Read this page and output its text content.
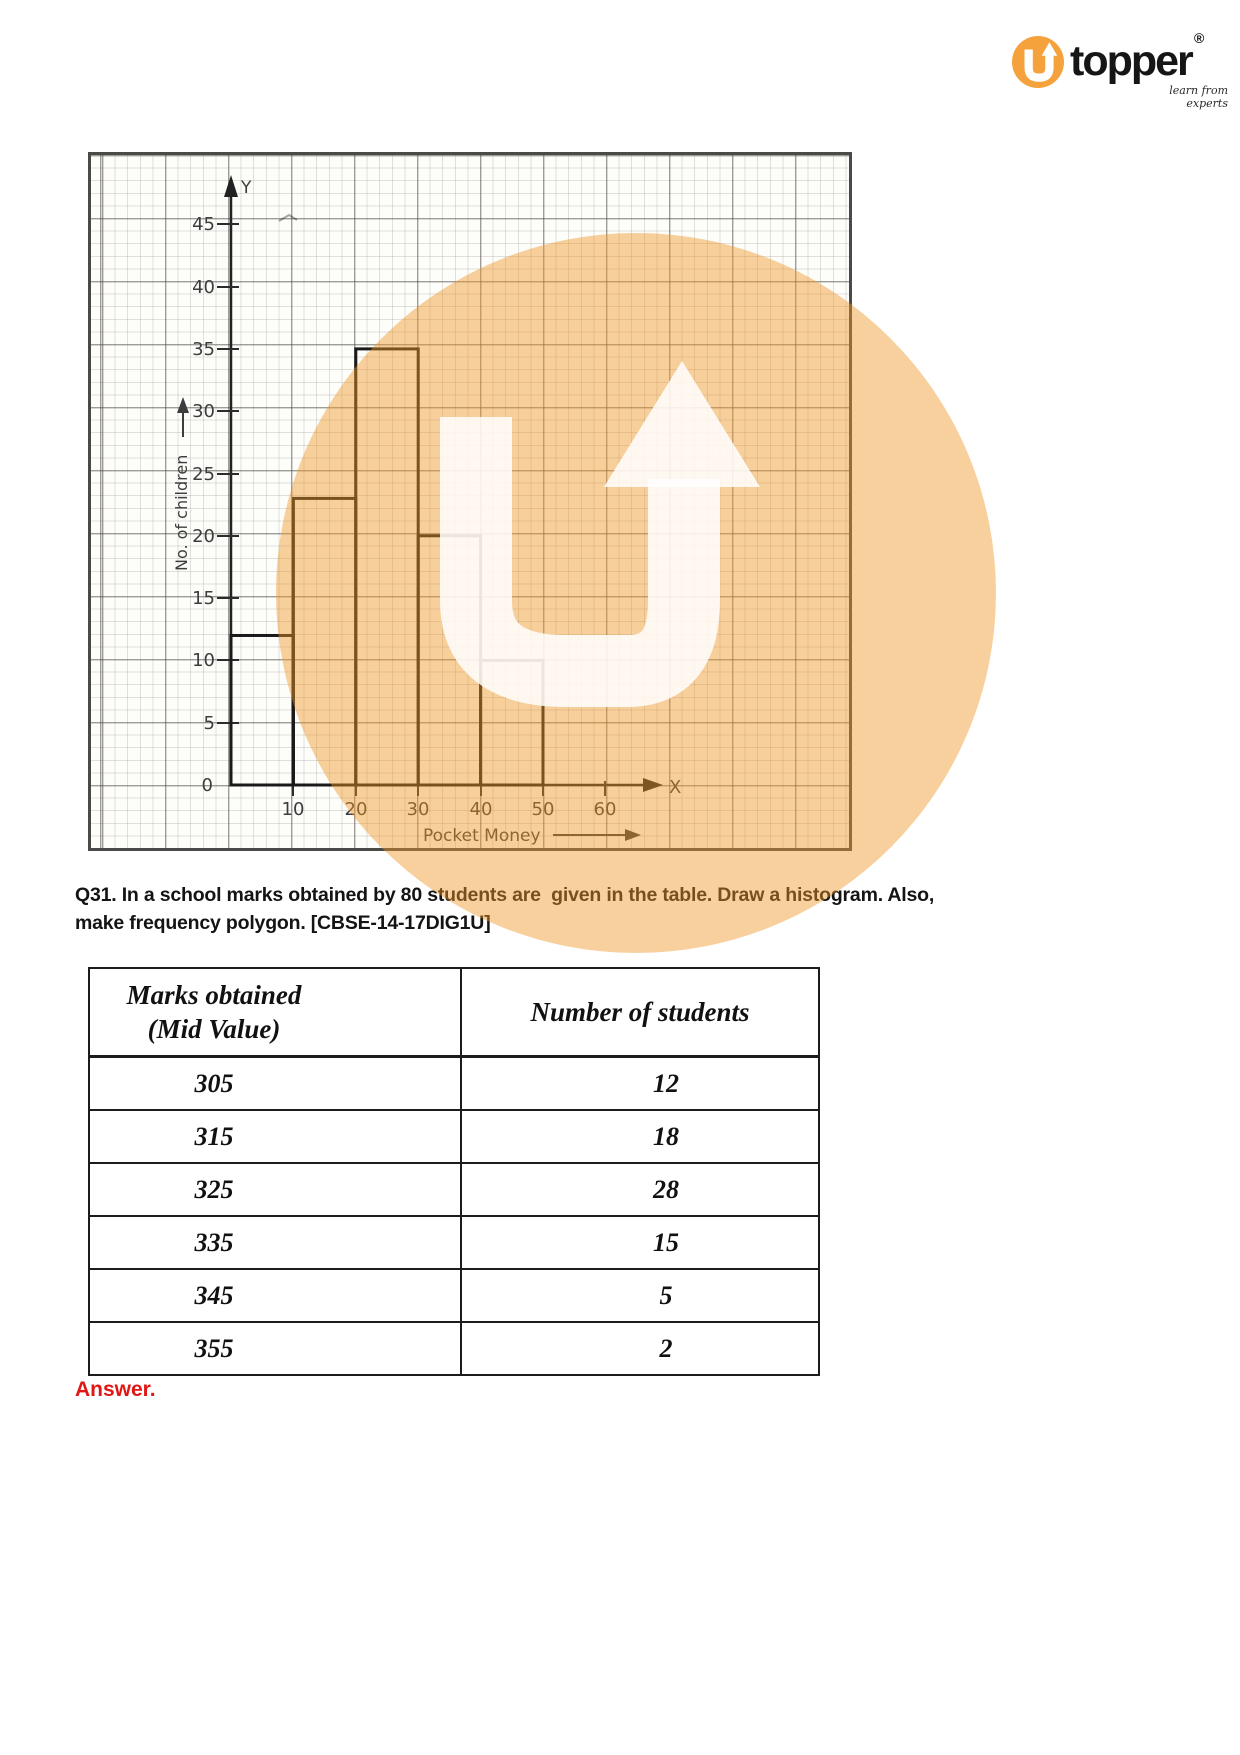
topper ®
learn from experts
Y
X
45
40
35
30
25
20
15
10
5
0
10 20 30 40 50 60
No. of children
Pocket Money
Q31. In a school marks obtained by 80 students are  given in the table. Draw a histogram. Also,
make frequency polygon. [CBSE-14-17DIG1U]
Marks obtained
(Mid Value)	Number of students
305	12
315	18
325	28
335	15
345	5
355	2
Answer.
